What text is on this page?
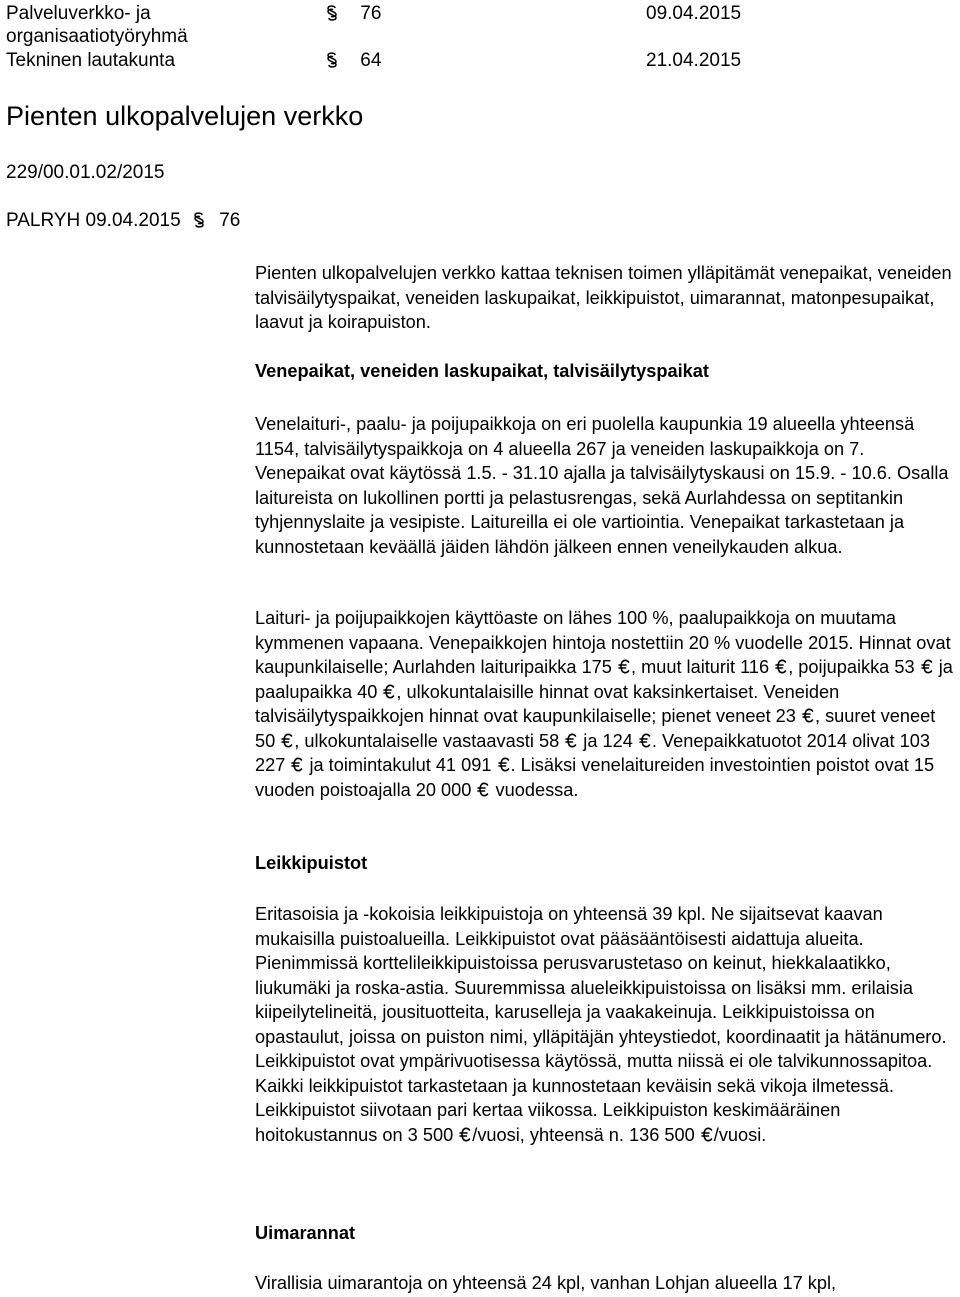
Palveluverkko- ja
organisaatiotyöryhmä
76	09.04.2015
Tekninen lautakunta	64	21.04.2015
Pienten ulkopalvelujen verkko
229/00.01.02/2015
PALRYH 09.04.2015 76

Pienten ulkopalvelujen verkko kattaa teknisen toimen ylläpitämät venepaikat, veneiden talvisäilytyspaikat, veneiden laskupaikat, leikkipuistot, uimarannat, matonpesupaikat, laavut ja koirapuiston.

Venepaikat, veneiden laskupaikat, talvisäilytyspaikat

Venelaituri-, paalu- ja poijupaikkoja on eri puolella kaupunkia 19 alueella yhteensä 1154, talvisäilytyspaikkoja on 4 alueella 267 ja veneiden laskupaikkoja on 7. Venepaikat ovat käytössä 1.5. - 31.10 ajalla ja talvisäilytyskausi on 15.9. - 10.6. Osalla laitureista on lukollinen portti ja pelastusrengas, sekä Aurlahdessa on septitankin tyhjennyslaite ja vesipiste. Laitureilla ei ole vartiointia. Venepaikat tarkastetaan ja kunnostetaan keväällä jäiden lähdön jälkeen ennen veneilykauden alkua.

Laituri- ja poijupaikkojen käyttöaste on lähes 100 %, paalupaikkoja on muutama kymmenen vapaana. Venepaikkojen hintoja nostettiin 20 % vuodelle 2015. Hinnat ovat kaupunkilaiselle; Aurlahden laituripaikka 175 , muut laiturit 116 , poijupaikka 53  ja paalupaikka 40 , ulkokuntalaisille hinnat ovat kaksinkertaiset. Veneiden talvisäilytyspaikkojen hinnat ovat kaupunkilaiselle; pienet veneet 23 , suuret veneet 50 , ulkokuntalaiselle vastaavasti 58  ja 124 . Venepaikkatuotot 2014 olivat 103 227  ja toimintakulut 41 091 . Lisäksi venelaitureiden investointien poistot ovat 15 vuoden poistoajalla 20 000  vuodessa.

Leikkipuistot

Eritasoisia ja -kokoisia leikkipuistoja on yhteensä 39 kpl. Ne sijaitsevat kaavan mukaisilla puistoalueilla. Leikkipuistot ovat pääsääntöisesti aidattuja alueita. Pienimmissä korttelileikkipuistoissa perusvarustetaso on keinut, hiekkalaatikko, liukumäki ja roska-astia. Suuremmissa alueleikkipuistoissa on lisäksi mm. erilaisia kiipeilytelineitä, jousituotteita, karuselleja ja vaakakeinuja. Leikkipuistoissa on opastaulut, joissa on puiston nimi, ylläpitäjän yhteystiedot, koordinaatit ja hätänumero. Leikkipuistot ovat ympärivuotisessa käytössä, mutta niissä ei ole talvikunnossapitoa. Kaikki leikkipuistot tarkastetaan ja kunnostetaan keväisin sekä vikoja ilmetessä. Leikkipuistot siivotaan pari kertaa viikossa. Leikkipuiston keskimääräinen hoitokustannus on 3 500 /vuosi, yhteensä n. 136 500 /vuosi.

Uimarannat

Virallisia uimarantoja on yhteensä 24 kpl, vanhan Lohjan alueella 17 kpl,
